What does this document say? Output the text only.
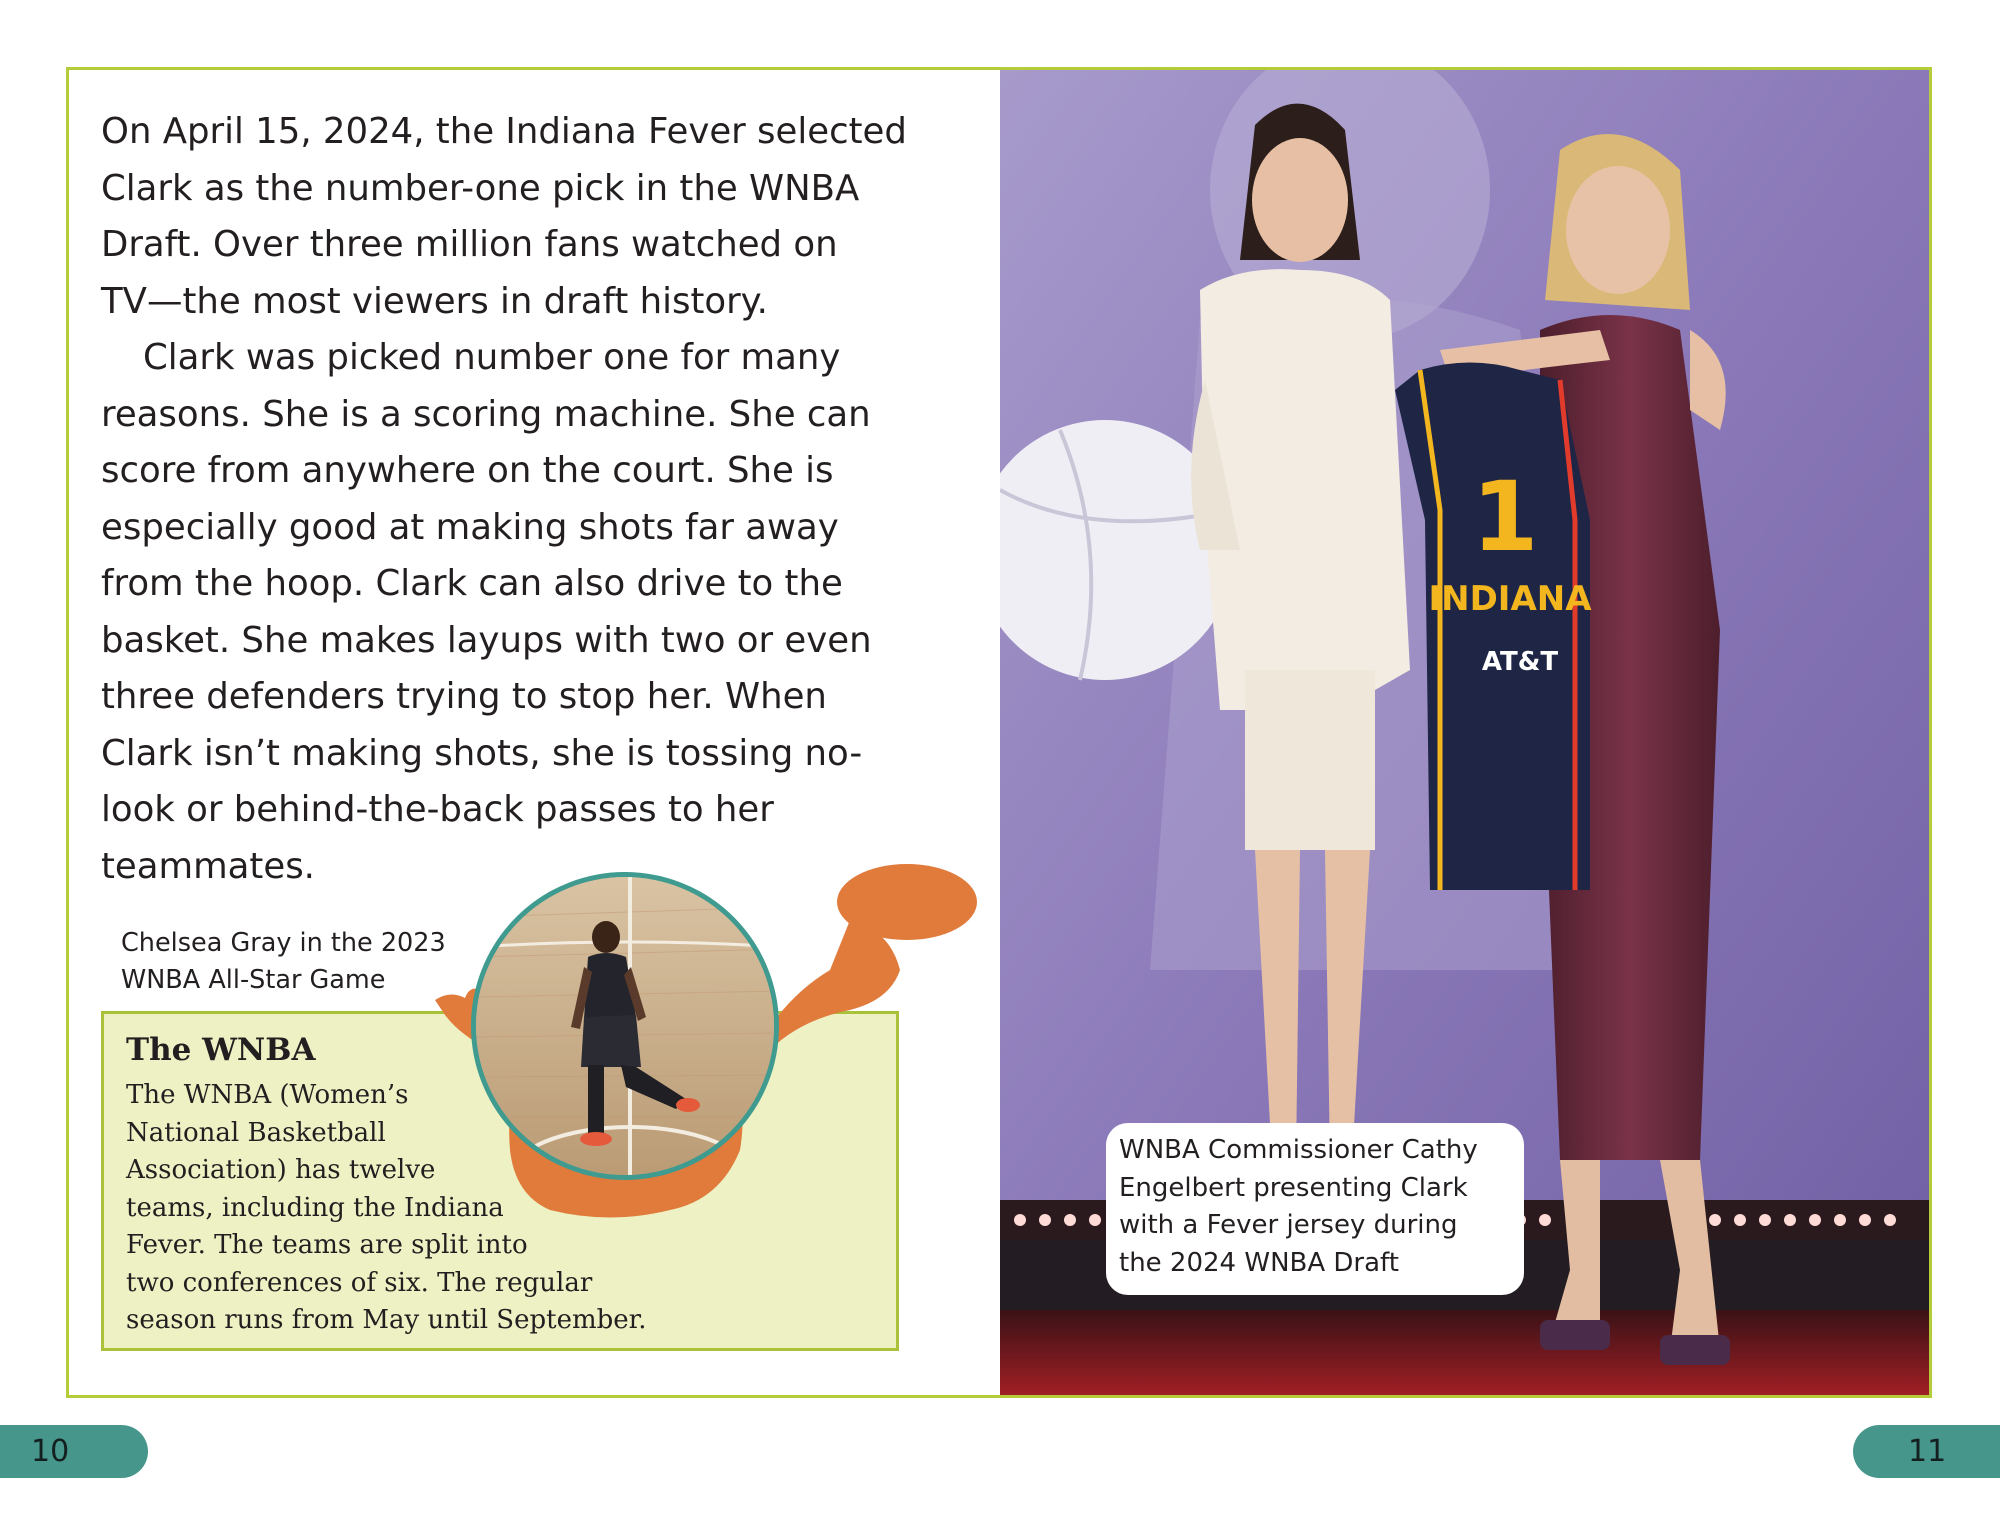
On April 15, 2024, the Indiana Fever selected
Clark as the number-one pick in the WNBA
Draft. Over three million fans watched on
TV—the most viewers in draft history.

Clark was picked number one for many
reasons. She is a scoring machine. She can
score from anywhere on the court. She is
especially good at making shots far away
from the hoop. Clark can also drive to the
basket. She makes layups with two or even
three defenders trying to stop her. When
Clark isn’t making shots, she is tossing no-
look or behind-the-back passes to her
teammates.

Chelsea Gray in the 2023
WNBA All-Star Game
The WNBA
The WNBA (Women’s
National Basketball
Association) has twelve
teams, including the Indiana
Fever. The teams are split into
two conferences of six. The regular
season runs from May until September.
1
INDIANA
AT&T
WNBA Commissioner Cathy
Engelbert presenting Clark
with a Fever jersey during
the 2024 WNBA Draft
10	11
